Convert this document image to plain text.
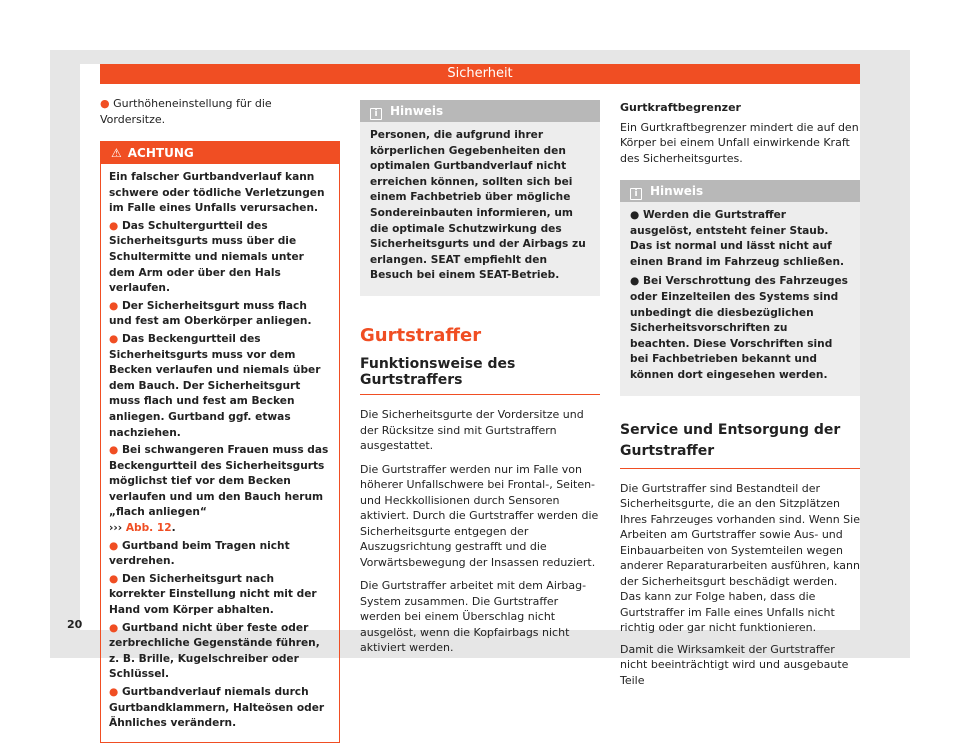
Sicherheit

● Gurthöheneinstellung für die Vordersitze.

⚠ ACHTUNG

Ein falscher Gurtbandverlauf kann schwere oder tödliche Verletzungen im Falle eines Unfalls verursachen.

● Das Schultergurtteil des Sicherheitsgurts muss über die Schultermitte und niemals unter dem Arm oder über den Hals verlaufen.

● Der Sicherheitsgurt muss flach und fest am Oberkörper anliegen.

● Das Beckengurtteil des Sicherheitsgurts muss vor dem Becken verlaufen und niemals über dem Bauch. Der Sicherheitsgurt muss flach und fest am Becken anliegen. Gurtband ggf. etwas nachziehen.

● Bei schwangeren Frauen muss das Beckengurtteil des Sicherheitsgurts möglichst tief vor dem Becken verlaufen und um den Bauch herum „flach anliegen“
››› Abb. 12.

● Gurtband beim Tragen nicht verdrehen.

● Den Sicherheitsgurt nach korrekter Einstellung nicht mit der Hand vom Körper abhalten.

● Gurtband nicht über feste oder zerbrechliche Gegenstände führen, z. B. Brille, Kugelschreiber oder Schlüssel.

● Gurtbandverlauf niemals durch Gurtbandklammern, Halteösen oder Ähnliches verändern.

i Hinweis

Personen, die aufgrund ihrer körperlichen Gegebenheiten den optimalen Gurtbandverlauf nicht erreichen können, sollten sich bei einem Fachbetrieb über mögliche Sondereinbauten informieren, um die optimale Schutzwirkung des Sicherheitsgurts und der Airbags zu erlangen. SEAT empfiehlt den Besuch bei einem SEAT-Betrieb.

Gurtstraffer
Funktionsweise des Gurtstraffers

Die Sicherheitsgurte der Vordersitze und der Rücksitze sind mit Gurtstraffern ausgestattet.

Die Gurtstraffer werden nur im Falle von höherer Unfallschwere bei Frontal-, Seiten- und Heckkollisionen durch Sensoren aktiviert. Durch die Gurtstraffer werden die Sicherheitsgurte entgegen der Auszugsrichtung gestrafft und die Vorwärtsbewegung der Insassen reduziert.

Die Gurtstraffer arbeitet mit dem Airbag-System zusammen. Die Gurtstraffer werden bei einem Überschlag nicht ausgelöst, wenn die Kopfairbags nicht aktiviert werden.

Gurtkraftbegrenzer

Ein Gurtkraftbegrenzer mindert die auf den Körper bei einem Unfall einwirkende Kraft des Sicherheitsgurtes.

i Hinweis

● Werden die Gurtstraffer ausgelöst, entsteht feiner Staub. Das ist normal und lässt nicht auf einen Brand im Fahrzeug schließen.

● Bei Verschrottung des Fahrzeuges oder Einzelteilen des Systems sind unbedingt die diesbezüglichen Sicherheitsvorschriften zu beachten. Diese Vorschriften sind bei Fachbetrieben bekannt und können dort eingesehen werden.

Service und Entsorgung der Gurtstraffer

Die Gurtstraffer sind Bestandteil der Sicherheitsgurte, die an den Sitzplätzen Ihres Fahrzeuges vorhanden sind. Wenn Sie Arbeiten am Gurtstraffer sowie Aus- und Einbauarbeiten von Systemteilen wegen anderer Reparaturarbeiten ausführen, kann der Sicherheitsgurt beschädigt werden. Das kann zur Folge haben, dass die Gurtstraffer im Falle eines Unfalls nicht richtig oder gar nicht funktionieren.

Damit die Wirksamkeit der Gurtstraffer nicht beeinträchtigt wird und ausgebaute Teile

20
